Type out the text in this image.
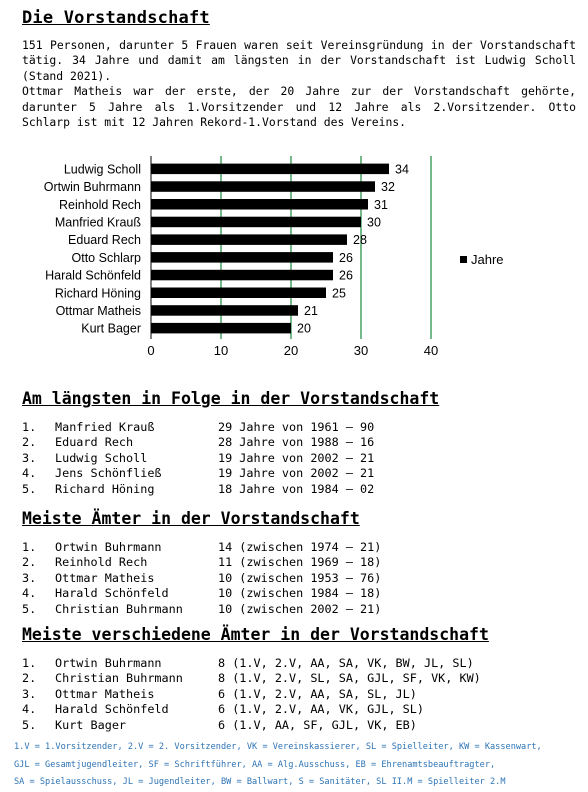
Die Vorstandschaft

151 Personen, darunter 5 Frauen waren seit Vereinsgründung in der Vorstandschaft tätig. 34 Jahre und damit am längsten in der Vorstandschaft ist Ludwig Scholl (Stand 2021).

Ottmar Matheis war der erste, der 20 Jahre zur der Vorstandschaft gehörte, darunter 5 Jahre als 1.Vorsitzender und 12 Jahre als 2.Vorsitzender. Otto Schlarp ist mit 12 Jahren Rekord-1.Vorstand des Vereins.

0	10	20	30	40
Ludwig Scholl	34
Ortwin Buhrmann	32
Reinhold Rech	31
Manfried Krauß	30
Eduard Rech	28
Otto Schlarp	26
Harald Schönfeld	26
Richard Höning	25
Ottmar Matheis	21
Kurt Bager	20
Jahre
Am längsten in Folge in der Vorstandschaft
1. Manfried Krauß	29 Jahre von 1961 – 90
2. Eduard Rech	28 Jahre von 1988 – 16
3. Ludwig Scholl	19 Jahre von 2002 – 21
4. Jens Schönfließ	19 Jahre von 2002 – 21
5. Richard Höning	18 Jahre von 1984 – 02
Meiste Ämter in der Vorstandschaft
1. Ortwin Buhrmann	14 (zwischen 1974 – 21)
2. Reinhold Rech	11 (zwischen 1969 – 18)
3. Ottmar Matheis	10 (zwischen 1953 – 76)
4. Harald Schönfeld	10 (zwischen 1984 – 18)
5. Christian Buhrmann	10 (zwischen 2002 – 21)
Meiste verschiedene Ämter in der Vorstandschaft
1. Ortwin Buhrmann	8 (1.V, 2.V, AA, SA, VK, BW, JL, SL)
2. Christian Buhrmann	8 (1.V, 2.V, SL, SA, GJL, SF, VK, KW)
3. Ottmar Matheis	6 (1.V, 2.V, AA, SA, SL, JL)
4. Harald Schönfeld	6 (1.V, 2.V, AA, VK, GJL, SL)
5. Kurt Bager	6 (1.V, AA, SF, GJL, VK, EB)
1.V = 1.Vorsitzender, 2.V = 2. Vorsitzender, VK = Vereinskassierer, SL = Spielleiter, KW = Kassenwart,
GJL = Gesamtjugendleiter, SF = Schriftführer, AA = Alg.Ausschuss, EB = Ehrenamtsbeauftragter,
SA = Spielausschuss, JL = Jugendleiter, BW = Ballwart, S = Sanitäter, SL II.M = Spielleiter 2.M
